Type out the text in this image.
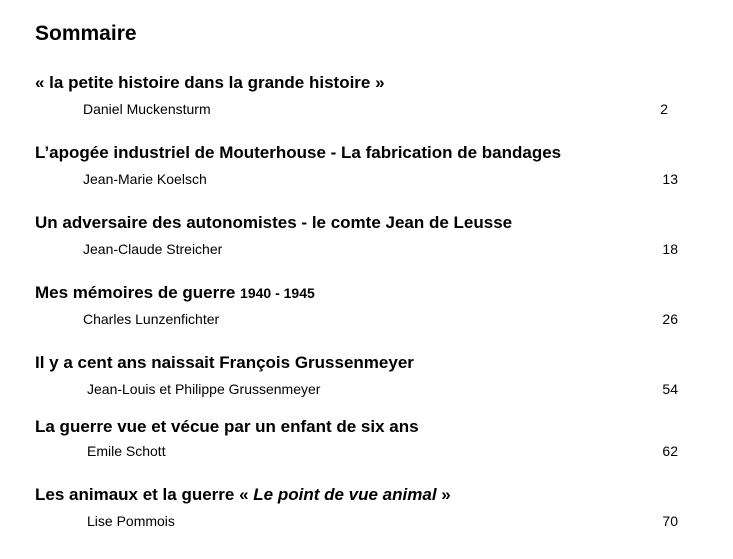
Sommaire
« la petite histoire dans la grande histoire »
Daniel Muckensturm	2
L’apogée industriel de Mouterhouse - La fabrication de bandages
Jean-Marie Koelsch	13
Un adversaire des autonomistes - le comte Jean de Leusse
Jean-Claude Streicher	18
Mes mémoires de guerre 1940 - 1945
Charles Lunzenfichter	26
Il y a cent ans naissait François Grussenmeyer
Jean-Louis et Philippe Grussenmeyer	54
La guerre vue et vécue par un enfant de six ans
Emile Schott	62
Les animaux et la guerre « Le point de vue animal »
Lise Pommois	70
